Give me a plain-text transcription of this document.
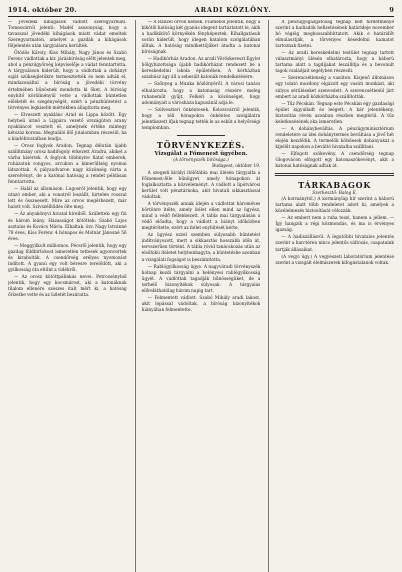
1914. október 20.	ARADI KÖZLÖNY.	9

— Jövedéki kihágások vádlott szeregyarmati. Tomesvárról jelenti: Madél asszonyság, hogy a tavasszal jövedéki kihágások miatt vádat emeltek Szeregyarmaton, amelyet a gazdák a kihágások följelentés után tárgyalásra kerültek.

Ötödös Károly, Kiss Mihály, Nagy János és Szabó Ferenc vádlottak a kir. járásbíróság előtt jelentek meg, ahol a pénzügyőrség képviselője a vádat fenntartotta. A tárgyaláson kiderült, hogy a vádlottak a dohányt saját szükségletükre termesztették és nem adták el, mindazonáltal a bíróság a jövedéki törvény értelmében bűnösnek mondotta ki őket. A bíróság enyhítő körülményül vette a vádlottak büntetlen előéletét és szegénységét, ezért a pénzbüntetést a törvényes legkisebb mértékben állapította meg.

— Elveszett nyaklánc Arad és Lippa között. Egy helybeli úrinő a Lippára vezető országúton arany nyakláncot vesztett el, amelynek értéke mintegy kétszáz korona. Megtaláló illő jutalomban részesül, ha a kiadóhivatalban leadja.

— Orosz foglyok Aradon. Tegnap délután újabb szállítmány orosz hadifogoly érkezett Aradra, akiket a várba kísértek. A foglyok többnyire fiatal emberek, ruházatuk rongyos, arcukon a kimerültség nyomai látszottak. A pályaudvaron nagy közönség várta a szerelvényt, de a katonai hatóság a rendet példásan fenntartotta.

— Halál az állomáson. Lugosról jelentik, hogy egy utazó ember, aki a vonatról leszállt, hirtelen rosszul lett és összeesett. Mire az orvos megérkezett, már halott volt. Szívszélhűdés ölte meg.

— Az anyakönyvi hivatal híreiből. Születtek: egy fiú és három leány. Házasságot kötöttek: Szabó Lajos asztalos és Kovács Mária. Elhaltak: özv. Nagy Istvánné 78 éves, Kiss Ferenc 4 hónapos és Molnár Jánosné 56 éves.

— Meggyilkolt milliomos. Pécsről jelentik, hogy egy gazdag földbirtokost ismeretlen tettesek agyonvertek és kirabolták. A csendőrség erélyes nyomozást indított. A gyanú egy volt béresre terelődött, aki a gyilkosság óta eltűnt a vidékről.

— Az orosz kötöttpálinkás nevei. Petrozsényból jelentik, hogy egy kocsmárost, aki a katonáknak tilalom ellenére szeszes italt mért ki, a hatóság őrizetbe vette és az üzletét bezáratta.

— A Ranzel orvoli kémek. Fiuméból jelentik, hogy a kikötői hatóság két gyanús idegent tartóztatott le, akik a hadikikötő környékén fényképeztek. Kihallgatásuk során kiderült, hogy idegen hatalom szolgálatában álltak. A hatóság mindkettőjüket átadta a katonai bíróságnak.

— Hadikórház Aradon. Az aradi Vöröskereszt Egylet hölgybizottsága újabb hadikórházat rendezett be a kereskedelmi iskola épületében. A kórházban százhúsz ágy áll a sebesült katonák rendelkezésére.

— Szőnyeg a Munka közlönyéről. A városi tanács elhatározta, hogy a katonaság részére meleg ruhaneműt gyűjt. Felkéri a közönséget, hogy adományait a városháza kapusánál adja le.

— Szilveszteri önkéntesek. Kolozsvárról jelentik, hogy a téli hónapokra önkéntes szolgálatra jelentkezett ifjak tegnap tették le az esküt a helyőrségi templomban.

TÖRVÉNYKEZÉS.
Vizsgálat a Főmenest ügyében.
(A törvényszék bírósága.)
Budapest, október 19.

A szegedi királyi ítélőtábla mai ülésén tárgyalta a Főmenest-féle bűnügyet, amely hónapokon át foglalkoztatta a közvéleményt. A vádlott a lipótvárosi kerület volt pénztárnoka, akit hivatali sikkasztással vádoltak.

A törvényszék annak idején a vádlottat hároméves börtönre ítélte, amely ítélet ellen mind az ügyész, mind a védő fellebbezett. A tábla mai tárgyalásán a védő előadta, hogy a vádlott a hiányt időközben megtérítette, ezért az ítélet enyhítését kérte.

Az ügyész ezzel szemben súlyosabb büntetést indítványozott, mert a sikkasztás hosszabb időn át, tervszerűen történt. A tábla rövid tanácskozás után az elsőfokú ítéletet helybenhagyta, a büntetésbe azonban a vizsgálati fogságot is beszámította.

— Rablógyilkosság ügye. A nagyváradi törvényszék holnap kezdi tárgyalni a belényesi rablógyilkosság ügyét. A vádlottak tagadják bűnösségüket, de a terhelő bizonyítékok súlyosak. A tárgyalás előreláthatólag három napig tart.

— Felmentett vádlott. Szabó Mihály aradi lakost, akit lopással vádoltak, a bíróság bizonyítékok hiányában felmentette.

A pénzügyigazgatóság tegnap kelt hirdetménye szerint a hadiadók befizetésének határideje november hó végéig meghosszabbíttatott. Akik e határidőt elmulasztják, a törvényes késedelmi kamatot tartoznak fizetni.

— Az aradi kereskedelmi testület tegnap tartott választmányi ülésén elhatározta, hogy a háború tartama alatt a tagdíjakat leszállítja és a bevonult tagok családjait segélyben részesíti.

— Szerencsétlenség a vasúton. Kisjenő állomáson egy tolató mozdony elgázolt egy vasúti munkást, aki súlyos sérüléseket szenvedett. A szerencsétlenül járt embert az aradi közkórházba szállították.

— Tűz Pécskán. Tegnap este Pécskán egy gazdasági épület kigyulladt és leégett. A kár jelentékeny, biztosítás révén azonban részben megtérül. A tűz keletkezésének oka ismeretlen.

— A dohánybeváltás. A pénzügyminisztérium rendeletére az idei dohánytermés beváltása a jövő hét elején kezdődik. A termelők kötelesek dohányukat a kijelölt napokon a beváltó hivatalba szállítani.

— Elfogott szökevény. A csendőrség tegnap Glogovácon elfogott egy katonaszökevényt, akit a katonai hatóságnak adtak át.

TÁRKABAGOK
Szerkesztő: Balog E.

(A kormánytól.) A kormánylap hír szerint a háború tartama alatt több rendeletet adott ki, amelyek a közélelmezés biztosítását célozzák.

— Az embert nem a ruha teszi, hanem a jellem. — Így hangzik a régi közmondás, és ma is érvényes igazság.

— A hadiszállásról. A legutóbbi hivatalos jelentés szerint a harctéren nincs jelentős változás, csapataink tartják állásaikat.

(A vegyi ügy.) A vegyészeti laboratórium jelentése szerint a vizsgált élelmiszerek kifogástalanok voltak.
